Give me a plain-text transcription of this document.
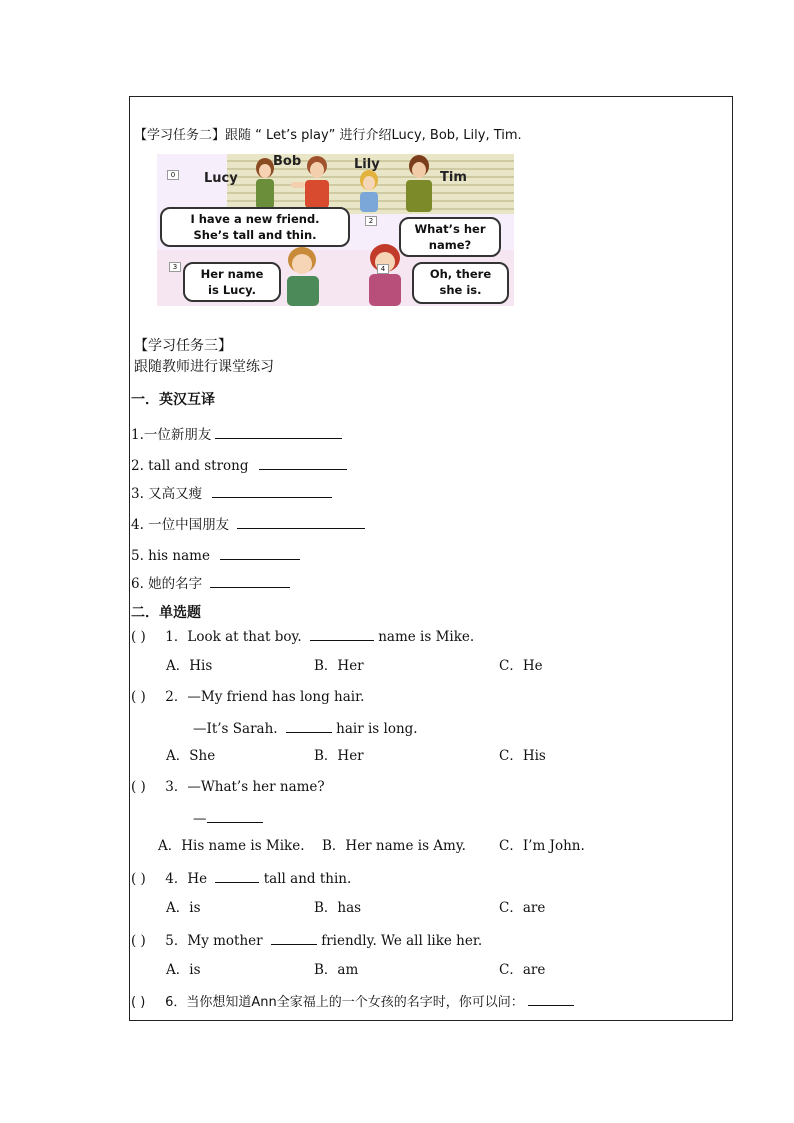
【学习任务二】跟随 “ Let’s play” 进行介绍Lucy, Bob, Lily, Tim.
Lucy
Bob	Lily
Tim
0
2
3	4
I have a new friend.
She’s tall and thin.	What’s her
name?
Her name
is Lucy.
Oh, there
she is.
【学习任务三】
跟随教师进行课堂练习
一．英汉互译
1.一位新朋友
2. tall and strong
3. 又高又瘦
4. 一位中国朋友
5. his name
6. 她的名字
二．单选题
( ) 1．Look at that boy.	name is Mike.
A．His	B．Her	C．He
( ) 2．—My friend has long hair.
—It’s Sarah.	hair is long.
A．She	B．Her	C．His
( ) 3．—What’s her name?
—
A．His name is Mike. B．Her name is Amy. C．I’m John.
( ) 4．He	tall and thin.
A．is	B．has	C．are
( ) 5．My mother	friendly. We all like her.
A．is	B．am	C．are
( ) 6．当你想知道Ann全家福上的一个女孩的名字时，你可以问：
